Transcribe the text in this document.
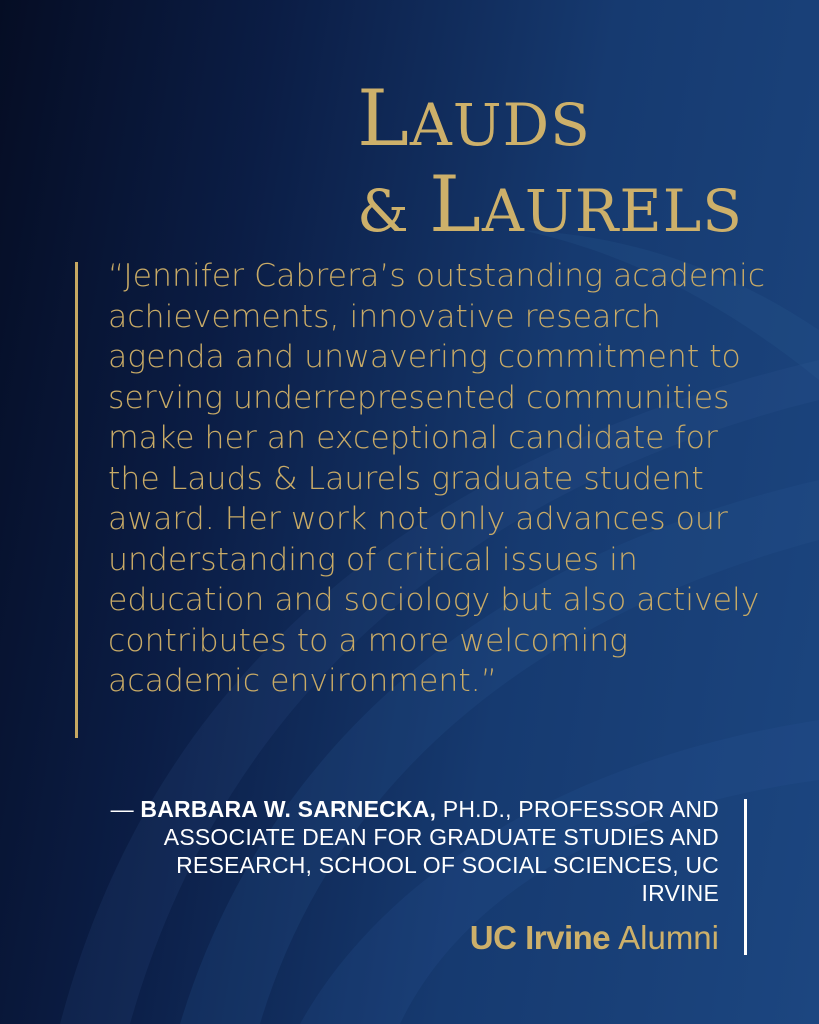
LAUDS
& LAURELS

“Jennifer Cabrera’s outstanding academic achievements, innovative research agenda and unwavering commitment to serving underrepresented communities make her an exceptional candidate for the Lauds & Laurels graduate student award. Her work not only advances our understanding of critical issues in education and sociology but also actively contributes to a more welcoming academic environment.”

— BARBARA W. SARNECKA, PH.D., PROFESSOR AND ASSOCIATE DEAN FOR GRADUATE STUDIES AND RESEARCH, SCHOOL OF SOCIAL SCIENCES, UC IRVINE
UC Irvine Alumni
